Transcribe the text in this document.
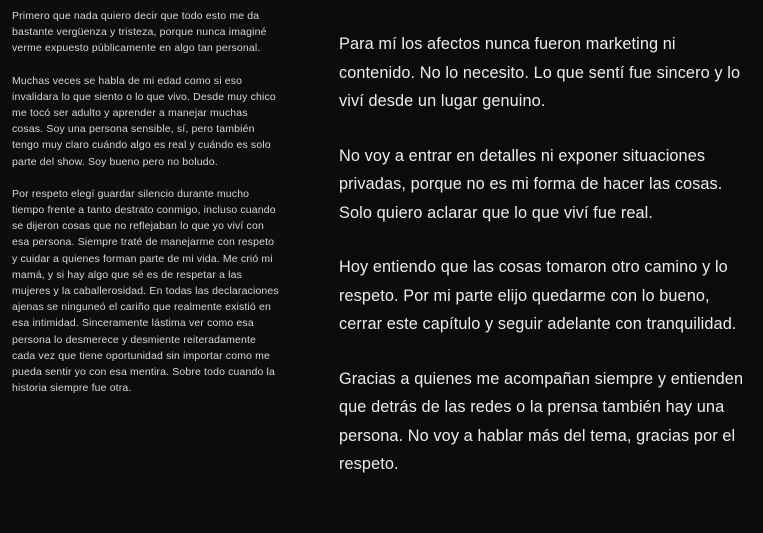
Primero que nada quiero decir que todo esto me da bastante vergüenza y tristeza, porque nunca imaginé verme expuesto públicamente en algo tan personal.

Muchas veces se habla de mi edad como si eso invalidara lo que siento o lo que vivo. Desde muy chico me tocó ser adulto y aprender a manejar muchas cosas. Soy una persona sensible, sí, pero también tengo muy claro cuándo algo es real y cuándo es solo parte del show. Soy bueno pero no boludo.

Por respeto elegí guardar silencio durante mucho tiempo frente a tanto destrato conmigo, incluso cuando se dijeron cosas que no reflejaban lo que yo viví con esa persona. Siempre traté de manejarme con respeto y cuidar a quienes forman parte de mi vida. Me crió mi mamá, y si hay algo que sé es de respetar a las mujeres y la caballerosidad. En todas las declaraciones ajenas se ninguneó el cariño que realmente existió en esa intimidad. Sinceramente lástima ver como esa persona lo desmerece y desmiente reiteradamente cada vez que tiene oportunidad sin importar como me pueda sentir yo con esa mentira. Sobre todo cuando la historia siempre fue otra.

Para mí los afectos nunca fueron marketing ni contenido. No lo necesito. Lo que sentí fue sincero y lo viví desde un lugar genuino.

No voy a entrar en detalles ni exponer situaciones privadas, porque no es mi forma de hacer las cosas. Solo quiero aclarar que lo que viví fue real.

Hoy entiendo que las cosas tomaron otro camino y lo respeto. Por mi parte elijo quedarme con lo bueno, cerrar este capítulo y seguir adelante con tranquilidad.

Gracias a quienes me acompañan siempre y entienden que detrás de las redes o la prensa también hay una persona. No voy a hablar más del tema, gracias por el respeto.
